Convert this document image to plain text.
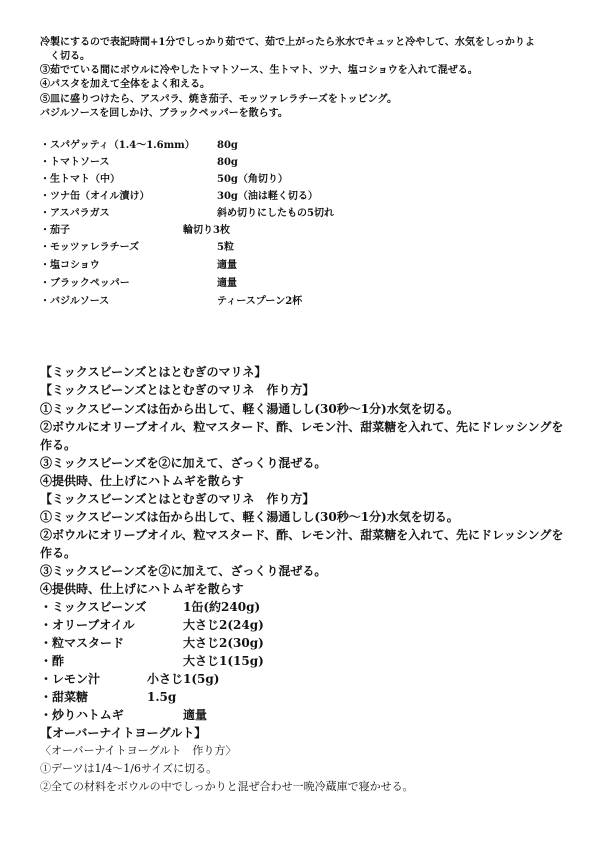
冷製にするので表記時間+1分でしっかり茹でて、茹で上がったら氷水でキュッと冷やして、水気をしっかりよ
く切る。
③茹でている間にボウルに冷やしたトマトソース、生トマト、ツナ、塩コショウを入れて混ぜる。
④パスタを加えて全体をよく和える。
⑤皿に盛りつけたら、アスパラ、焼き茄子、モッツァレラチーズをトッピング。
バジルソースを回しかけ、ブラックペッパーを散らす。
・スパゲッティ（1.4～1.6mm） 80g
・トマトソース	80g
・生トマト（中）	50g（角切り）
・ツナ缶（オイル漬け）	30g（油は軽く切る）
・アスパラガス	斜め切りにしたもの5切れ
・茄子	輪切り3枚
・モッツァレラチーズ	5粒
・塩コショウ	適量
・ブラックペッパー	適量
・バジルソース	ティースプーン2杯
【ミックスビーンズとはとむぎのマリネ】
【ミックスビーンズとはとむぎのマリネ　作り方】
①ミックスビーンズは缶から出して、軽く湯通しし(30秒～1分)水気を切る。
②ボウルにオリーブオイル、粒マスタード、酢、レモン汁、甜菜糖を入れて、先にドレッシングを
作る。
③ミックスビーンズを②に加えて、ざっくり混ぜる。
④提供時、仕上げにハトムギを散らす
【ミックスビーンズとはとむぎのマリネ　作り方】
①ミックスビーンズは缶から出して、軽く湯通しし(30秒～1分)水気を切る。
②ボウルにオリーブオイル、粒マスタード、酢、レモン汁、甜菜糖を入れて、先にドレッシングを
作る。
③ミックスビーンズを②に加えて、ざっくり混ぜる。
④提供時、仕上げにハトムギを散らす
・ミックスビーンズ	1缶(約240g)
・オリーブオイル	大さじ2(24g)
・粒マスタード	大さじ2(30g)
・酢	大さじ1(15g)
・レモン汁	小さじ1(5g)
・甜菜糖	1.5g
・炒りハトムギ	適量
【オーバーナイトヨーグルト】
〈オーバーナイトヨーグルト　作り方〉
①デーツは1/4～1/6サイズに切る。
②全ての材料をボウルの中でしっかりと混ぜ合わせ一晩冷蔵庫で寝かせる。
